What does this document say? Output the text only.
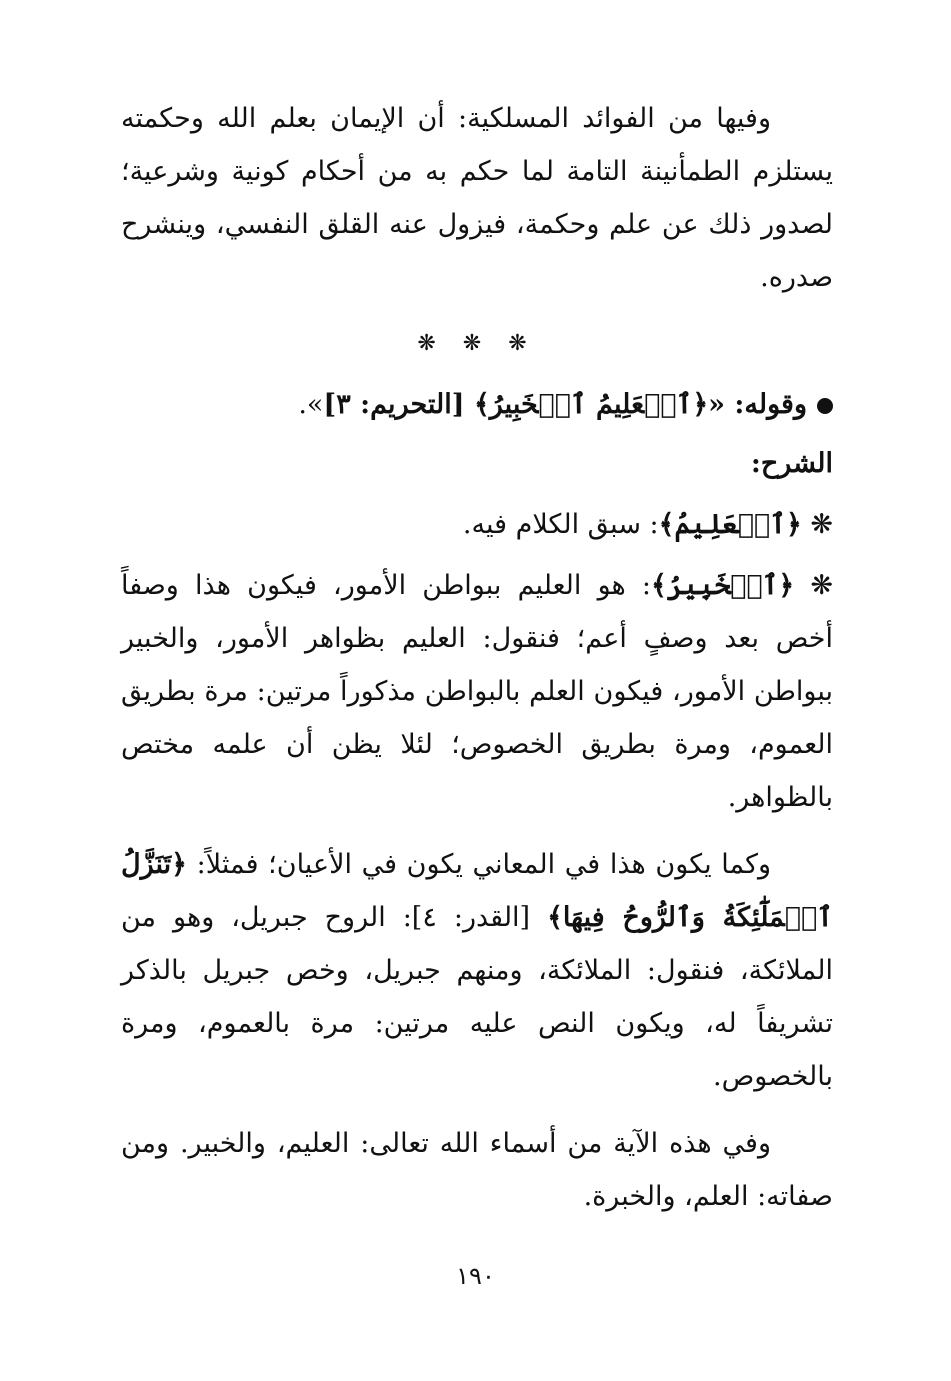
وفيها من الفوائد المسلكية: أن الإيمان بعلم الله وحكمته يستلزم الطمأنينة التامة لما حكم به من أحكام كونية وشرعية؛ لصدور ذلك عن علم وحكمة، فيزول عنه القلق النفسي، وينشرح صدره.

❋ ❋ ❋

وقوله: «﴿ٱلۡعَلِيمُ ٱلۡخَبِيرُ﴾ [التحريم: ٣]».

الشرح:

❋ ﴿ٱلۡعَلِيمُ﴾: سبق الكلام فيه.

❋ ﴿ٱلۡخَبِيرُ﴾: هو العليم ببواطن الأمور، فيكون هذا وصفاً أخص بعد وصفٍ أعم؛ فنقول: العليم بظواهر الأمور، والخبير ببواطن الأمور، فيكون العلم بالبواطن مذكوراً مرتين: مرة بطريق العموم، ومرة بطريق الخصوص؛ لئلا يظن أن علمه مختص بالظواهر.

وكما يكون هذا في المعاني يكون في الأعيان؛ فمثلاً: ﴿تَنَزَّلُ ٱلۡمَلَٰٓئِكَةُ وَٱلرُّوحُ فِيهَا﴾ [القدر: ٤]: الروح جبريل، وهو من الملائكة، فنقول: الملائكة، ومنهم جبريل، وخص جبريل بالذكر تشريفاً له، ويكون النص عليه مرتين: مرة بالعموم، ومرة بالخصوص.

وفي هذه الآية من أسماء الله تعالى: العليم، والخبير. ومن صفاته: العلم، والخبرة.

١٩٠
